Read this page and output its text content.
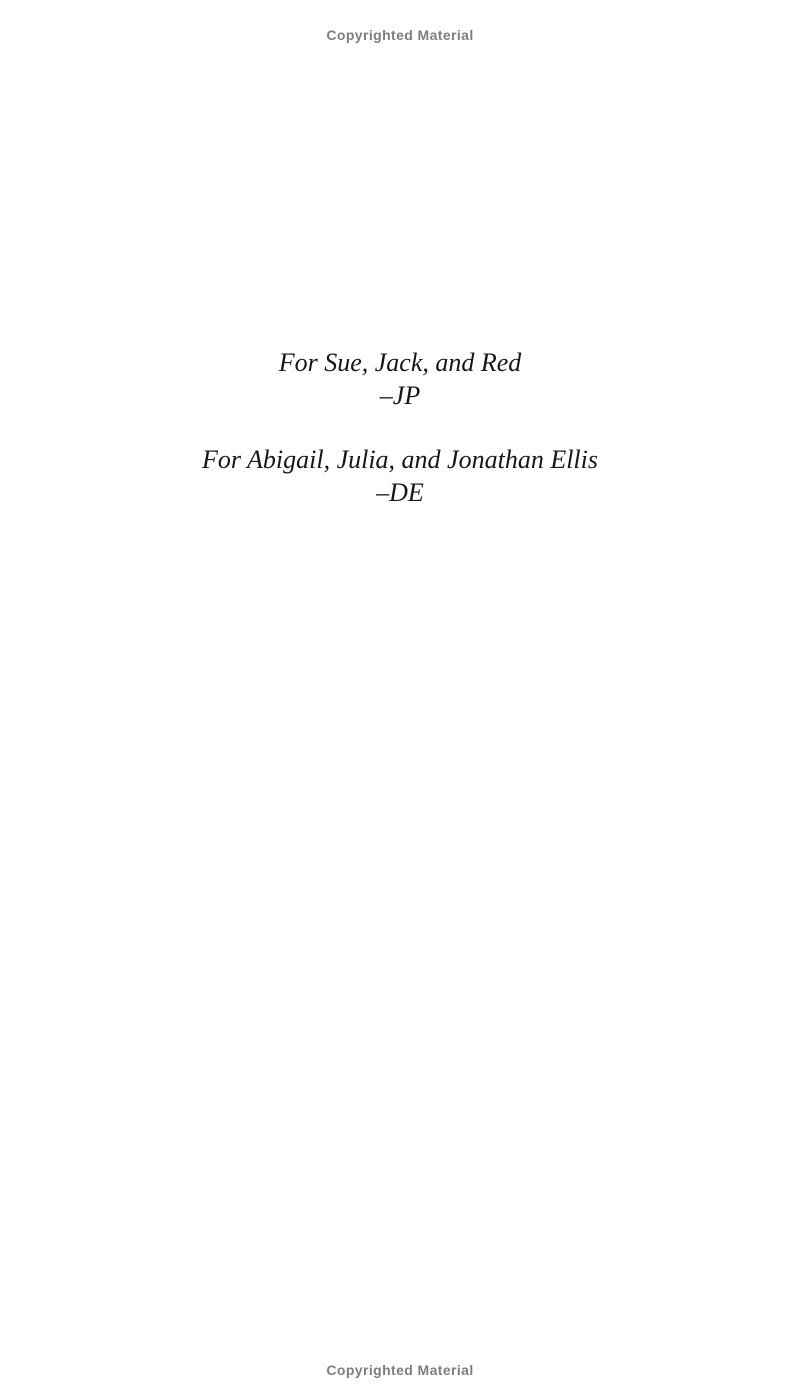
Copyrighted Material
For Sue, Jack, and Red
–JP
For Abigail, Julia, and Jonathan Ellis
–DE
Copyrighted Material
